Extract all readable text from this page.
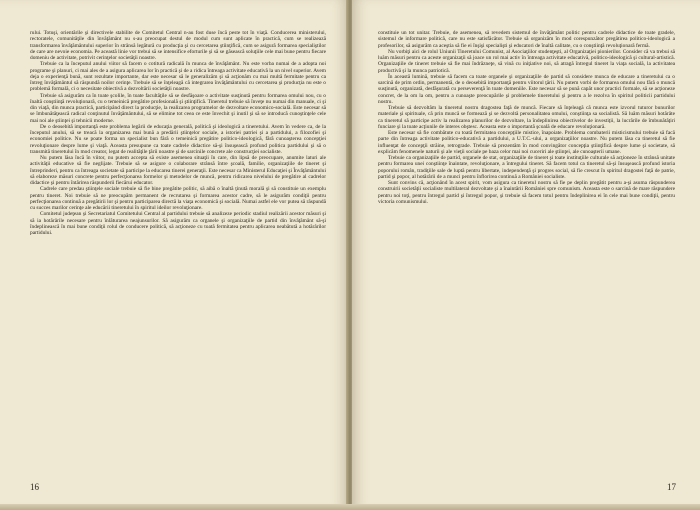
rului. Totuşi, orientările şi directivele stabilite de Comitetul Central n-au fost duse încă peste tot în viaţă. Conducerea ministerului, rectoratele, comunităţile din învăţământ nu s-au preocupat destul de modul cum sunt aplicate în practică, cum se realizează transformarea învăţământului superior în strânsă legătură cu producţia şi cu cercetarea ştiinţifică, cum se asigură formarea specialiştilor de care are nevoie economia. Pe această linie vor trebui să se intensifice eforturile şi să se găsească soluţiile cele mai bune pentru fiecare domeniu de activitate, potrivit cerinţelor societăţii noastre.

Trebuie ca la începutul anului viitor să facem o cotitură radicală în munca de învăţământ. Nu este vorba numai de a adopta noi programe şi planuri, ci mai ales de a asigura aplicarea lor în practică şi de a ridica întreaga activitate educativă la un nivel superior. Avem deja o experienţă bună, sunt rezultate importante, dar este necesar să le generalizăm şi să acţionăm cu mai multă fermitate pentru ca întreg învăţământul să răspundă noilor cerinţe. Trebuie să se înţeleagă că integrarea învăţământului cu cercetarea şi producţia nu este o problemă formală, ci o necesitate obiectivă a dezvoltării societăţii noastre.

Trebuie să asigurăm ca în toate şcolile, în toate facultăţile să se desfăşoare o activitate susţinută pentru formarea omului nou, cu o înaltă conştiinţă revoluţionară, cu o temeinică pregătire profesională şi ştiinţifică. Tineretul trebuie să înveţe nu numai din manuale, ci şi din viaţă, din munca practică, participând direct la producţie, la realizarea programelor de dezvoltare economico-socială. Este necesar să se îmbunătăţească radical conţinutul învăţământului, să se elimine tot ceea ce este învechit şi inutil şi să se introducă cunoştinţele cele mai noi ale ştiinţei şi tehnicii moderne.

De o deosebită importanţă este problema legării de educaţia generală, politică şi ideologică a tineretului. Avem în vedere ca, de la începutul anului, să se treacă la organizarea mai bună a predării ştiinţelor sociale, a istoriei patriei şi a partidului, a filozofiei şi economiei politice. Nu se poate forma un specialist bun fără o temeinică pregătire politico-ideologică, fără cunoaşterea concepţiei revoluţionare despre lume şi viaţă. Aceasta presupune ca toate cadrele didactice să-şi însuşească profund politica partidului şi să o transmită tineretului în mod creator, legat de realităţile ţării noastre şi de sarcinile concrete ale construcţiei socialiste.

Nu putem lăsa încă în viitor, nu putem accepta să existe asemenea situaţii în care, din lipsă de preocupare, anumite laturi ale activităţii educative să fie neglijate. Trebuie să se asigure o colaborare strânsă între şcoală, familie, organizaţiile de tineret şi întreprinderi, pentru ca întreaga societate să participe la educarea tinerei generaţii. Este necesar ca Ministerul Educaţiei şi Învăţământului să elaboreze măsuri concrete pentru perfecţionarea formelor şi metodelor de muncă, pentru ridicarea nivelului de pregătire al cadrelor didactice şi pentru întărirea răspunderii fiecărui educator.

Cadrele care predau ştiinţele sociale trebuie să fie bine pregătite politic, să aibă o înaltă ţinută morală şi să constituie un exemplu pentru tineret. Noi trebuie să ne preocupăm permanent de recrutarea şi formarea acestor cadre, să le asigurăm condiţii pentru perfecţionarea continuă a pregătirii lor şi pentru participarea directă la viaţa economică şi socială. Numai astfel ele vor putea să răspundă cu succes marilor cerinţe ale educării tineretului în spiritul ideilor revoluţionare.

Comitetul judeţean şi Secretariatul Comitetului Central al partidului trebuie să analizeze periodic stadiul realizării acestor măsuri şi să ia hotărârile necesare pentru înlăturarea neajunsurilor. Să asigurăm ca organele şi organizaţiile de partid din învăţământ să-şi îndeplinească în mai bune condiţii rolul de conducere politică, să acţioneze cu toată fermitatea pentru aplicarea neabătută a hotărârilor partidului.

16

constituie un tot unitar. Trebuie, de asemenea, să revedem sistemul de învăţământ politic pentru cadrele didactice de toate gradele, sistemul de informare politică, care nu este satisfăcător. Trebuie să organizăm în mod corespunzător pregătirea politico-ideologică a profesorilor, să asigurăm ca aceştia să fie ei înşişi specialişti şi educatori de înaltă calitate, cu o conştiinţă revoluţionară fermă.

Nu vorbiţi aici de rolul Uniunii Tineretului Comunist, al Asociaţiilor studenţeşti, al Organizaţiei pionierilor. Consider că va trebui să luăm măsuri pentru ca aceste organizaţii să joace un rol mai activ în întreaga activitate educativă, politico-ideologică şi cultural-artistică. Organizaţiile de tineret trebuie să fie mai îndrăzneţe, să vină cu iniţiative noi, să atragă întregul tineret la viaţa socială, la activitatea productivă şi la munca patriotică.

În această lumină, trebuie să facem ca toate organele şi organizaţiile de partid să considere munca de educare a tineretului ca o sarcină de prim ordin, permanentă, de o deosebită importanţă pentru viitorul ţării. Nu putem vorbi de formarea omului nou fără o muncă susţinută, organizată, desfăşurată cu perseverenţă în toate domeniile. Este necesar să se pună capăt unor practici formale, să se acţioneze concret, de la om la om, pentru a cunoaşte preocupările şi problemele tineretului şi pentru a le rezolva în spiritul politicii partidului nostru.

Trebuie să dezvoltăm la tineretul nostru dragostea faţă de muncă. Fiecare să înţeleagă că munca este izvorul tuturor bunurilor materiale şi spirituale, că prin muncă se formează şi se dezvoltă personalitatea omului, conştiinţa sa socialistă. Să luăm măsuri hotărâte ca tineretul să participe activ la realizarea planurilor de dezvoltare, la îndeplinirea obiectivelor de investiţii, la lucrările de îmbunătăţiri funciare şi la toate acţiunile de interes obştesc. Aceasta este o importantă şcoală de educare revoluţionară.

Este necesar să fie combătute cu toată fermitatea concepţiile mistice, înapoiate. Problema combaterii misticismului trebuie să facă parte din întreaga activitate politico-educativă a partidului, a U.T.C.-ului, a organizaţiilor noastre. Nu putem lăsa ca tineretul să fie influenţat de concepţii străine, retrograde. Trebuie să prezentăm în mod convingător concepţia ştiinţifică despre lume şi societate, să explicăm fenomenele naturii şi ale vieţii sociale pe baza celor mai noi cuceriri ale ştiinţei, ale cunoaşterii umane.

Trebuie ca organizaţiile de partid, organele de stat, organizaţiile de tineret şi toate instituţiile culturale să acţioneze în strânsă unitate pentru formarea unei conştiinţe înaintate, revoluţionare, a întregului tineret. Să facem totul ca tineretul să-şi însuşească profund istoria poporului român, tradiţiile sale de luptă pentru libertate, independenţă şi progres social, să fie crescut în spiritul dragostei faţă de patrie, partid şi popor, al hotărârii de a munci pentru înflorirea continuă a României socialiste.

Sunt convins că, acţionând în acest spirit, vom asigura ca tineretul nostru să fie pe deplin pregătit pentru a-şi asuma răspunderea construirii societăţii socialiste multilateral dezvoltate şi a înaintării României spre comunism. Aceasta este o sarcină de mare răspundere pentru noi toţi, pentru întregul partid şi întregul popor, şi trebuie să facem totul pentru îndeplinirea ei în cele mai bune condiţii, pentru victoria comunismului.

17
